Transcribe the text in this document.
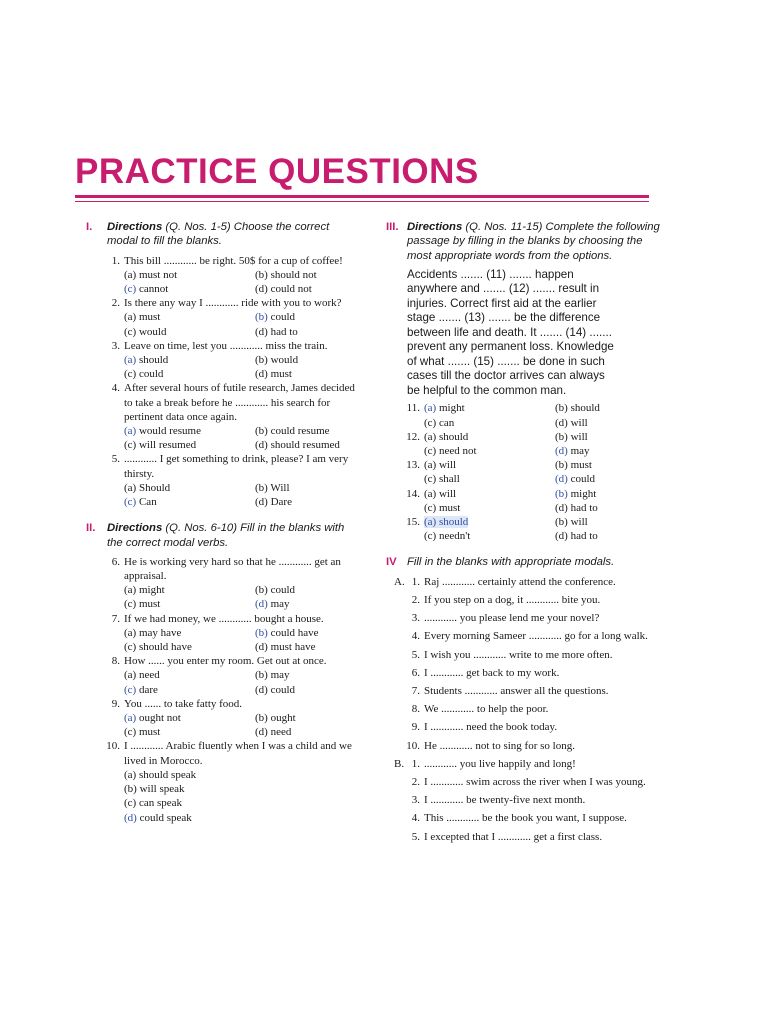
PRACTICE QUESTIONS
I. Directions (Q. Nos. 1-5) Choose the correct modal to fill the blanks.
1. This bill ............ be right. 50$ for a cup of coffee!
(a) must not	(b) should not
(c) cannot	(d) could not
2. Is there any way I ............ ride with you to work?
(a) must	(b) could
(c) would	(d) had to
3. Leave on time, lest you ............ miss the train.
(a) should	(b) would
(c) could	(d) must
4. After several hours of futile research, James decided to take a break before he ............ his search for pertinent data once again.
(a) would resume	(b) could resume
(c) will resumed	(d) should resumed
5. ............ I get something to drink, please? I am very thirsty.
(a) Should	(b) Will
(c) Can	(d) Dare
II. Directions (Q. Nos. 6-10) Fill in the blanks with the correct modal verbs.
6. He is working very hard so that he ............ get an appraisal.
(a) might	(b) could
(c) must	(d) may
7. If we had money, we ............ bought a house.
(a) may have	(b) could have
(c) should have	(d) must have
8. How ...... you enter my room. Get out at once.
(a) need	(b) may
(c) dare	(d) could
9. You ...... to take fatty food.
(a) ought not	(b) ought
(c) must	(d) need
10. I ............ Arabic fluently when I was a child and we lived in Morocco.
(a) should speak
(b) will speak
(c) can speak
(d) could speak
III. Directions (Q. Nos. 11-15) Complete the following passage by filling in the blanks by choosing the most appropriate words from the options.
Accidents ....... (11) ....... happen
anywhere and ....... (12) ....... result in
injuries. Correct first aid at the earlier
stage ....... (13) ....... be the difference
between life and death. It ....... (14) .......
prevent any permanent loss. Knowledge
of what ....... (15) ....... be done in such
cases till the doctor arrives can always
be helpful to the common man.
11. (a) might	(b) should
(c) can	(d) will
12. (a) should	(b) will
(c) need not	(d) may
13. (a) will	(b) must
(c) shall	(d) could
14. (a) will	(b) might
(c) must	(d) had to
15. (a) should	(b) will
(c) needn't	(d) had to
IV Fill in the blanks with appropriate modals.
A. 1. Raj ............ certainly attend the conference.
2. If you step on a dog, it ............ bite you.
3. ............ you please lend me your novel?
4. Every morning Sameer ............ go for a long walk.
5. I wish you ............ write to me more often.
6. I ............ get back to my work.
7. Students ............ answer all the questions.
8. We ............ to help the poor.
9. I ............ need the book today.
10. He ............ not to sing for so long.
B. 1. ............ you live happily and long!
2. I ............ swim across the river when I was young.
3. I ............ be twenty-five next month.
4. This ............ be the book you want, I suppose.
5. I excepted that I ............ get a first class.
